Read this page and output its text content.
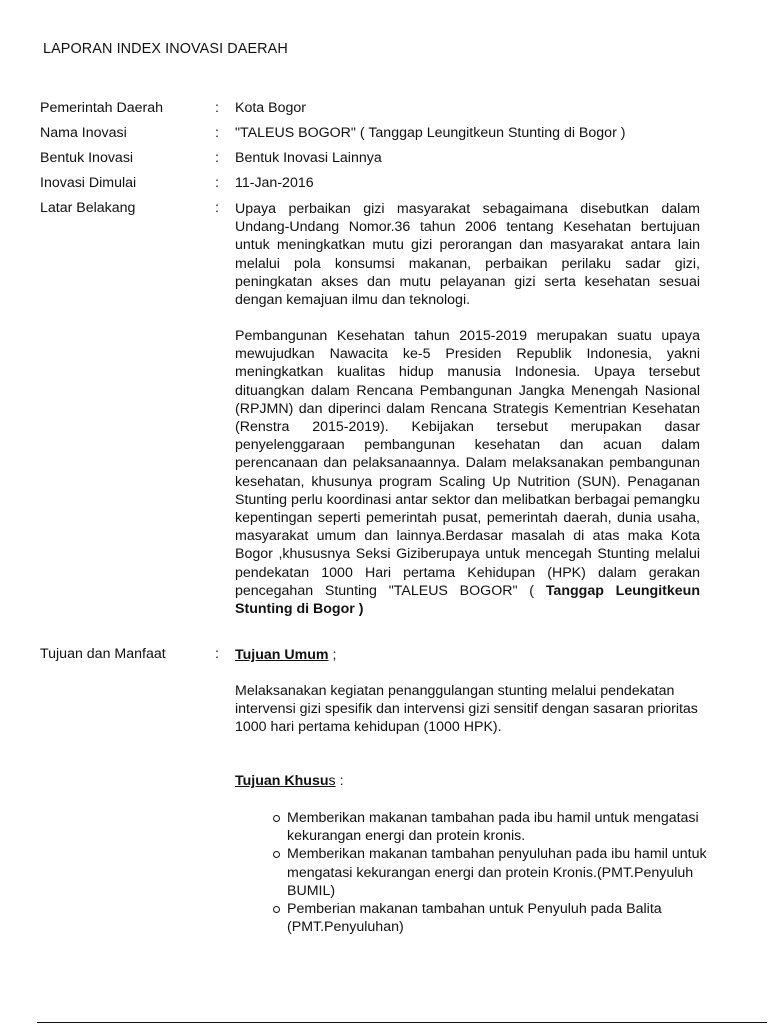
LAPORAN INDEX INOVASI DAERAH
Pemerintah Daerah	: Kota Bogor
Nama Inovasi	: "TALEUS BOGOR" ( Tanggap Leungitkeun Stunting di Bogor )
Bentuk Inovasi	: Bentuk Inovasi Lainnya
Inovasi Dimulai	: 11-Jan-2016
Latar Belakang	: Upaya perbaikan gizi masyarakat sebagaimana disebutkan dalam Undang-Undang Nomor.36 tahun 2006 tentang Kesehatan bertujuan untuk meningkatkan mutu gizi perorangan dan masyarakat antara lain melalui pola konsumsi makanan, perbaikan perilaku sadar gizi, peningkatan akses dan mutu pelayanan gizi serta kesehatan sesuai dengan kemajuan ilmu dan teknologi.
Pembangunan Kesehatan tahun 2015-2019 merupakan suatu upaya mewujudkan Nawacita ke-5 Presiden Republik Indonesia, yakni meningkatkan kualitas hidup manusia Indonesia. Upaya tersebut dituangkan dalam Rencana Pembangunan Jangka Menengah Nasional (RPJMN) dan diperinci dalam Rencana Strategis Kementrian Kesehatan (Renstra 2015-2019). Kebijakan tersebut merupakan dasar penyelenggaraan pembangunan kesehatan dan acuan dalam perencanaan dan pelaksanaannya. Dalam melaksanakan pembangunan kesehatan, khusunya program Scaling Up Nutrition (SUN). Penaganan Stunting perlu koordinasi antar sektor dan melibatkan berbagai pemangku kepentingan seperti pemerintah pusat, pemerintah daerah, dunia usaha, masyarakat umum dan lainnya.Berdasar masalah di atas maka Kota Bogor ,khususnya Seksi Giziberupaya untuk mencegah Stunting melalui pendekatan 1000 Hari pertama Kehidupan (HPK) dalam gerakan pencegahan Stunting "TALEUS BOGOR" ( Tanggap Leungitkeun Stunting di Bogor )
Tujuan dan Manfaat	: Tujuan Umum ;
Melaksanakan kegiatan penanggulangan stunting melalui pendekatan intervensi gizi spesifik dan intervensi gizi sensitif dengan sasaran prioritas 1000 hari pertama kehidupan (1000 HPK).
Tujuan Khusus :
Memberikan makanan tambahan pada ibu hamil untuk mengatasi kekurangan energi dan protein kronis.
Memberikan makanan tambahan penyuluhan pada ibu hamil untuk mengatasi kekurangan energi dan protein Kronis.(PMT.Penyuluh BUMIL)
Pemberian makanan tambahan untuk Penyuluh pada Balita (PMT.Penyuluhan)
